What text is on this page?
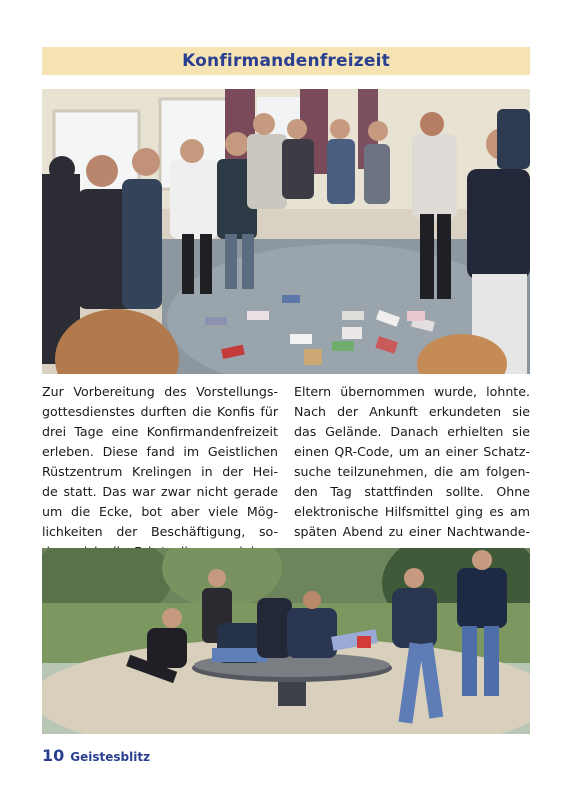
Konfirmandenfreizeit
Zur Vorbereitung des Vorstellungs-
gottesdienstes durften die Konfis für
drei Tage eine Konfirmandenfreizeit
erleben. Diese fand im Geistlichen
Rüstzentrum Krelingen in der Hei-
de statt. Das war zwar nicht gerade
um die Ecke, bot aber viele Mög-
lichkeiten der Beschäftigung, so-
Eltern übernommen wurde, lohnte.
Nach der Ankunft erkundeten sie
das Gelände. Danach erhielten sie
einen QR-Code, um an einer Schatz-
suche teilzunehmen, die am folgen-
den Tag stattfinden sollte. Ohne
elektronische Hilfsmittel ging es am
späten Abend zu einer Nachtwande-
10 Geistesblitz
